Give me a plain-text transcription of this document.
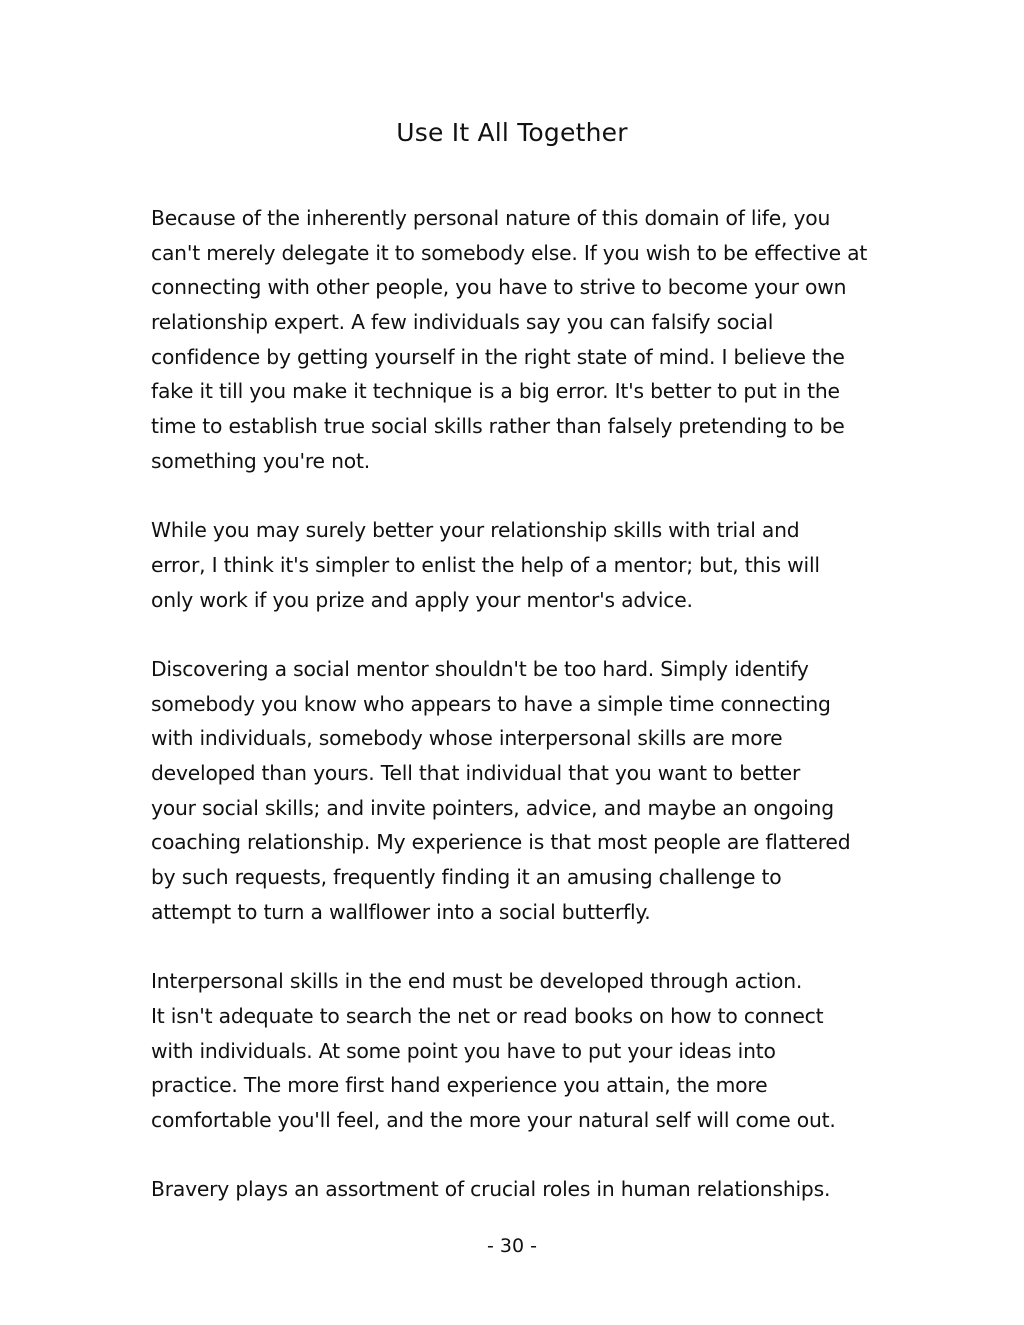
Use It All Together
Because of the inherently personal nature of this domain of life, you
can't merely delegate it to somebody else. If you wish to be effective at
connecting with other people, you have to strive to become your own
relationship expert. A few individuals say you can falsify social
confidence by getting yourself in the right state of mind. I believe the
fake it till you make it technique is a big error. It's better to put in the
time to establish true social skills rather than falsely pretending to be
something you're not.
While you may surely better your relationship skills with trial and
error, I think it's simpler to enlist the help of a mentor; but, this will
only work if you prize and apply your mentor's advice.
Discovering a social mentor shouldn't be too hard. Simply identify
somebody you know who appears to have a simple time connecting
with individuals, somebody whose interpersonal skills are more
developed than yours. Tell that individual that you want to better
your social skills; and invite pointers, advice, and maybe an ongoing
coaching relationship. My experience is that most people are flattered
by such requests, frequently finding it an amusing challenge to
attempt to turn a wallflower into a social butterfly.
Interpersonal skills in the end must be developed through action.
It isn't adequate to search the net or read books on how to connect
with individuals. At some point you have to put your ideas into
practice. The more first hand experience you attain, the more
comfortable you'll feel, and the more your natural self will come out.
Bravery plays an assortment of crucial roles in human relationships.
- 30 -
